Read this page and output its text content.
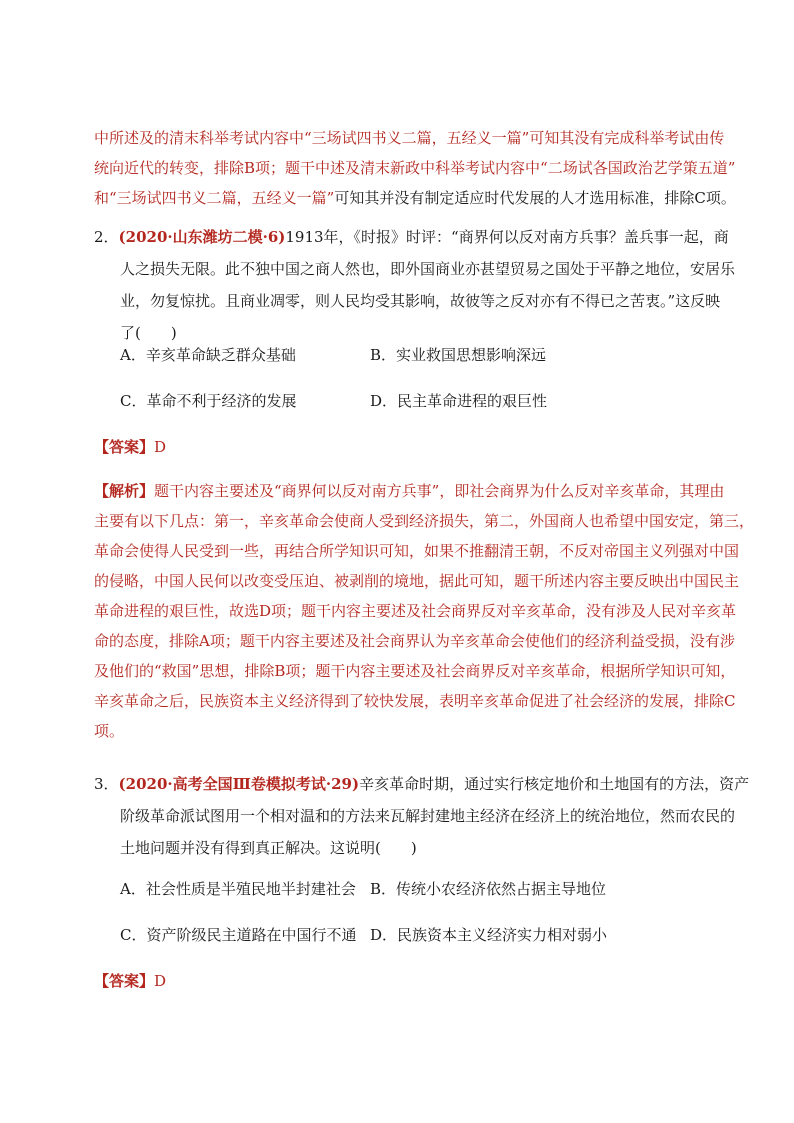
中所述及的清末科举考试内容中“三场试四书义二篇，五经义一篇”可知其没有完成科举考试由传
统向近代的转变，排除B项；题干中述及清末新政中科举考试内容中“二场试各国政治艺学策五道”
和“三场试四书义二篇，五经义一篇”可知其并没有制定适应时代发展的人才选用标准，排除C项。
2．(2020·山东潍坊二模·6)1913年，《时报》时评：“商界何以反对南方兵事？盖兵事一起，商
人之损失无限。此不独中国之商人然也，即外国商业亦甚望贸易之国处于平静之地位，安居乐
业，勿复惊扰。且商业凋零，则人民均受其影响，故彼等之反对亦有不得已之苦衷。”这反映
了(　　)
A．辛亥革命缺乏群众基础	B．实业救国思想影响深远
C．革命不利于经济的发展	D．民主革命进程的艰巨性
【答案】D
【解析】题干内容主要述及“商界何以反对南方兵事”，即社会商界为什么反对辛亥革命，其理由
主要有以下几点：第一，辛亥革命会使商人受到经济损失，第二，外国商人也希望中国安定，第三，
革命会使得人民受到一些，再结合所学知识可知，如果不推翻清王朝，不反对帝国主义列强对中国
的侵略，中国人民何以改变受压迫、被剥削的境地，据此可知，题干所述内容主要反映出中国民主
革命进程的艰巨性，故选D项；题干内容主要述及社会商界反对辛亥革命，没有涉及人民对辛亥革
命的态度，排除A项；题干内容主要述及社会商界认为辛亥革命会使他们的经济利益受损，没有涉
及他们的“救国”思想，排除B项；题干内容主要述及社会商界反对辛亥革命，根据所学知识可知，
辛亥革命之后，民族资本主义经济得到了较快发展，表明辛亥革命促进了社会经济的发展，排除C
项。
3．(2020·高考全国Ⅲ卷模拟考试·29)辛亥革命时期，通过实行核定地价和土地国有的方法，资产
阶级革命派试图用一个相对温和的方法来瓦解封建地主经济在经济上的统治地位，然而农民的
土地问题并没有得到真正解决。这说明(　　)
A．社会性质是半殖民地半封建社会 B．传统小农经济依然占据主导地位
C．资产阶级民主道路在中国行不通 D．民族资本主义经济实力相对弱小
【答案】D
